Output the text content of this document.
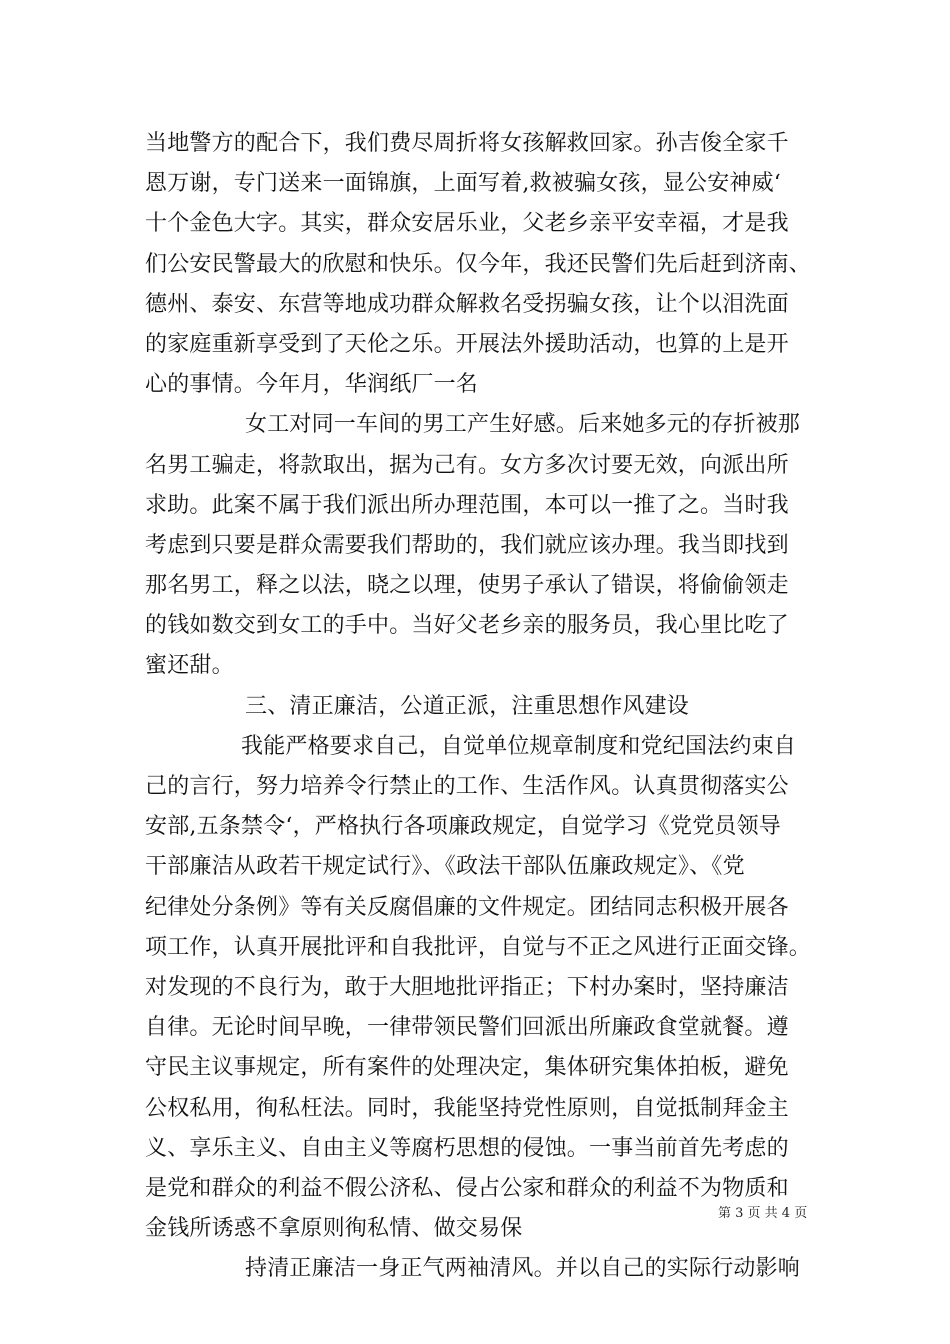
当地警方的配合下，我们费尽周折将女孩解救回家。孙吉俊全家千
恩万谢，专门送来一面锦旗，上面写着,救被骗女孩，显公安神威‘
十个金色大字。其实，群众安居乐业，父老乡亲平安幸福，才是我
们公安民警最大的欣慰和快乐。仅今年，我还民警们先后赶到济南、
德州、泰安、东营等地成功群众解救名受拐骗女孩，让个以泪洗面
的家庭重新享受到了天伦之乐。开展法外援助活动，也算的上是开
心的事情。今年月，华润纸厂一名
女工对同一车间的男工产生好感。后来她多元的存折被那
名男工骗走，将款取出，据为己有。女方多次讨要无效，向派出所
求助。此案不属于我们派出所办理范围，本可以一推了之。当时我
考虑到只要是群众需要我们帮助的，我们就应该办理。我当即找到
那名男工，释之以法，晓之以理，使男子承认了错误，将偷偷领走
的钱如数交到女工的手中。当好父老乡亲的服务员，我心里比吃了
蜜还甜。
三、清正廉洁，公道正派，注重思想作风建设
我能严格要求自己，自觉单位规章制度和党纪国法约束自
己的言行，努力培养令行禁止的工作、生活作风。认真贯彻落实公
安部,五条禁令‘，严格执行各项廉政规定，自觉学习《党党员领导
干部廉洁从政若干规定试行》、《政法干部队伍廉政规定》、《党
纪律处分条例》等有关反腐倡廉的文件规定。团结同志积极开展各
项工作，认真开展批评和自我批评，自觉与不正之风进行正面交锋。
对发现的不良行为，敢于大胆地批评指正；下村办案时，坚持廉洁
自律。无论时间早晚，一律带领民警们回派出所廉政食堂就餐。遵
守民主议事规定，所有案件的处理决定，集体研究集体拍板，避免
公权私用，徇私枉法。同时，我能坚持党性原则，自觉抵制拜金主
义、享乐主义、自由主义等腐朽思想的侵蚀。一事当前首先考虑的
是党和群众的利益不假公济私、侵占公家和群众的利益不为物质和
金钱所诱惑不拿原则徇私情、做交易保
持清正廉洁一身正气两袖清风。并以自己的实际行动影响
第 3 页 共 4 页
